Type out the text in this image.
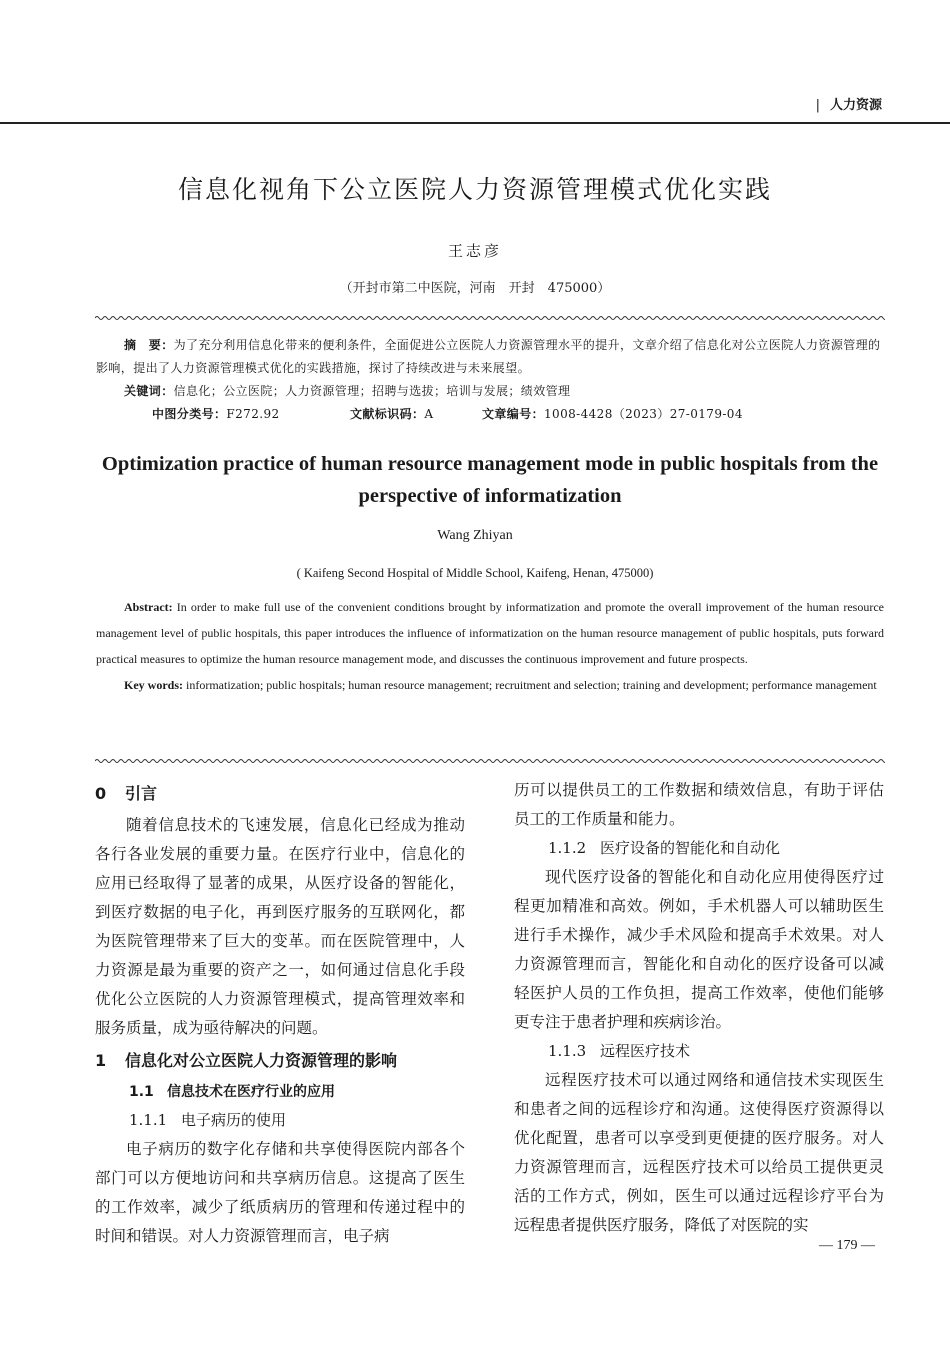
| 人力资源
信息化视角下公立医院人力资源管理模式优化实践
王志彦
（开封市第二中医院，河南　开封　475000）

摘　要：为了充分利用信息化带来的便利条件，全面促进公立医院人力资源管理水平的提升，文章介绍了信息化对公立医院人力资源管理的影响，提出了人力资源管理模式优化的实践措施，探讨了持续改进与未来展望。

关键词：信息化；公立医院；人力资源管理；招聘与选拔；培训与发展；绩效管理

中图分类号：F272.92	文献标识码：A	文章编号：1008-4428（2023）27-0179-04

Optimization practice of human resource management mode in public hospitals from the perspective of informatization
Wang Zhiyan
( Kaifeng Second Hospital of Middle School, Kaifeng, Henan, 475000)

Abstract: In order to make full use of the convenient conditions brought by informatization and promote the overall improvement of the human resource management level of public hospitals, this paper introduces the influence of informatization on the human resource management of public hospitals, puts forward practical measures to optimize the human resource management mode, and discusses the continuous improvement and future prospects.

Key words: informatization; public hospitals; human resource management; recruitment and selection; training and development; performance management

0 引言

随着信息技术的飞速发展，信息化已经成为推动各行各业发展的重要力量。在医疗行业中，信息化的应用已经取得了显著的成果，从医疗设备的智能化，到医疗数据的电子化，再到医疗服务的互联网化，都为医院管理带来了巨大的变革。而在医院管理中，人力资源是最为重要的资产之一，如何通过信息化手段优化公立医院的人力资源管理模式，提高管理效率和服务质量，成为亟待解决的问题。

1 信息化对公立医院人力资源管理的影响
1.1 信息技术在医疗行业的应用
1.1.1 电子病历的使用

电子病历的数字化存储和共享使得医院内部各个部门可以方便地访问和共享病历信息。这提高了医生的工作效率，减少了纸质病历的管理和传递过程中的时间和错误。对人力资源管理而言，电子病

历可以提供员工的工作数据和绩效信息，有助于评估员工的工作质量和能力。

1.1.2 医疗设备的智能化和自动化

现代医疗设备的智能化和自动化应用使得医疗过程更加精准和高效。例如，手术机器人可以辅助医生进行手术操作，减少手术风险和提高手术效果。对人力资源管理而言，智能化和自动化的医疗设备可以减轻医护人员的工作负担，提高工作效率，使他们能够更专注于患者护理和疾病诊治。

1.1.3 远程医疗技术

远程医疗技术可以通过网络和通信技术实现医生和患者之间的远程诊疗和沟通。这使得医疗资源得以优化配置，患者可以享受到更便捷的医疗服务。对人力资源管理而言，远程医疗技术可以给员工提供更灵活的工作方式，例如，医生可以通过远程诊疗平台为远程患者提供医疗服务，降低了对医院的实

— 179 —
